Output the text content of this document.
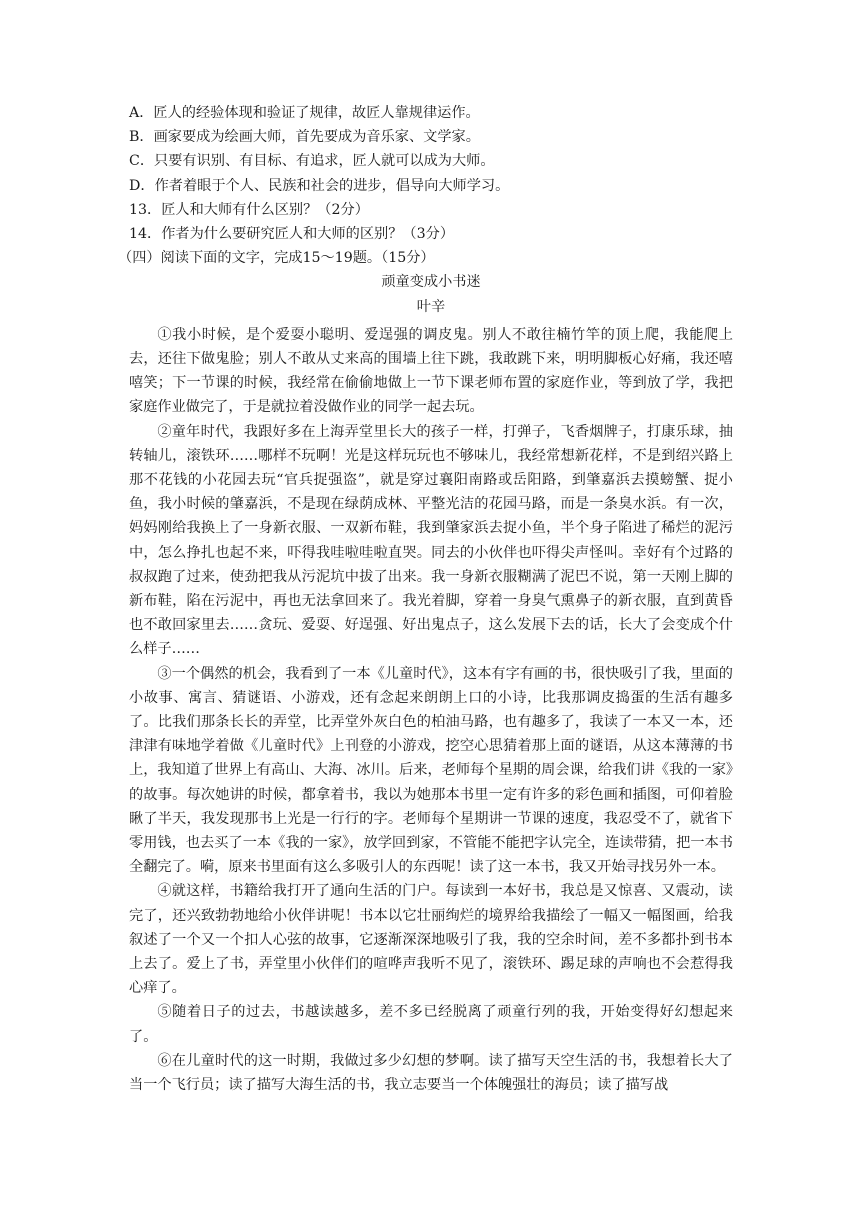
A．匠人的经验体现和验证了规律，故匠人靠规律运作。
B．画家要成为绘画大师，首先要成为音乐家、文学家。
C．只要有识别、有目标、有追求，匠人就可以成为大师。
D．作者着眼于个人、民族和社会的进步，倡导向大师学习。
13．匠人和大师有什么区别？（2分）
14．作者为什么要研究匠人和大师的区别？（3分）
（四）阅读下面的文字，完成15～19题。（15分）
顽童变成小书迷
叶辛

①我小时候，是个爱耍小聪明、爱逞强的调皮鬼。别人不敢往楠竹竿的顶上爬，我能爬上去，还往下做鬼脸；别人不敢从丈来高的围墙上往下跳，我敢跳下来，明明脚板心好痛，我还嘻嘻笑；下一节课的时候，我经常在偷偷地做上一节下课老师布置的家庭作业，等到放了学，我把家庭作业做完了，于是就拉着没做作业的同学一起去玩。

②童年时代，我跟好多在上海弄堂里长大的孩子一样，打弹子，飞香烟牌子，打康乐球，抽转轴儿，滚铁环……哪样不玩啊！光是这样玩玩也不够味儿，我经常想新花样，不是到绍兴路上那不花钱的小花园去玩“官兵捉强盗”，就是穿过襄阳南路或岳阳路，到肇嘉浜去摸螃蟹、捉小鱼，我小时候的肇嘉浜，不是现在绿荫成林、平整光洁的花园马路，而是一条臭水浜。有一次，妈妈刚给我换上了一身新衣服、一双新布鞋，我到肇家浜去捉小鱼，半个身子陷进了稀烂的泥污中，怎么挣扎也起不来，吓得我哇啦哇啦直哭。同去的小伙伴也吓得尖声怪叫。幸好有个过路的叔叔跑了过来，使劲把我从污泥坑中拔了出来。我一身新衣服糊满了泥巴不说，第一天刚上脚的新布鞋，陷在污泥中，再也无法拿回来了。我光着脚，穿着一身臭气熏鼻子的新衣服，直到黄昏也不敢回家里去……贪玩、爱耍、好逞强、好出鬼点子，这么发展下去的话，长大了会变成个什么样子……

③一个偶然的机会，我看到了一本《儿童时代》，这本有字有画的书，很快吸引了我，里面的小故事、寓言、猜谜语、小游戏，还有念起来朗朗上口的小诗，比我那调皮捣蛋的生活有趣多了。比我们那条长长的弄堂，比弄堂外灰白色的柏油马路，也有趣多了，我读了一本又一本，还津津有味地学着做《儿童时代》上刊登的小游戏，挖空心思猜着那上面的谜语，从这本薄薄的书上，我知道了世界上有高山、大海、冰川。后来，老师每个星期的周会课，给我们讲《我的一家》的故事。每次她讲的时候，都拿着书，我以为她那本书里一定有许多的彩色画和插图，可仰着脸瞅了半天，我发现那书上光是一行行的字。老师每个星期讲一节课的速度，我忍受不了，就省下零用钱，也去买了一本《我的一家》，放学回到家，不管能不能把字认完全，连读带猜，把一本书全翻完了。嗬，原来书里面有这么多吸引人的东西呢！读了这一本书，我又开始寻找另外一本。

④就这样，书籍给我打开了通向生活的门户。每读到一本好书，我总是又惊喜、又震动，读完了，还兴致勃勃地给小伙伴讲呢！书本以它壮丽绚烂的境界给我描绘了一幅又一幅图画，给我叙述了一个又一个扣人心弦的故事，它逐渐深深地吸引了我，我的空余时间，差不多都扑到书本上去了。爱上了书，弄堂里小伙伴们的喧哗声我听不见了，滚铁环、踢足球的声响也不会惹得我心痒了。

⑤随着日子的过去，书越读越多，差不多已经脱离了顽童行列的我，开始变得好幻想起来了。

⑥在儿童时代的这一时期，我做过多少幻想的梦啊。读了描写天空生活的书，我想着长大了当一个飞行员；读了描写大海生活的书，我立志要当一个体魄强壮的海员；读了描写战
